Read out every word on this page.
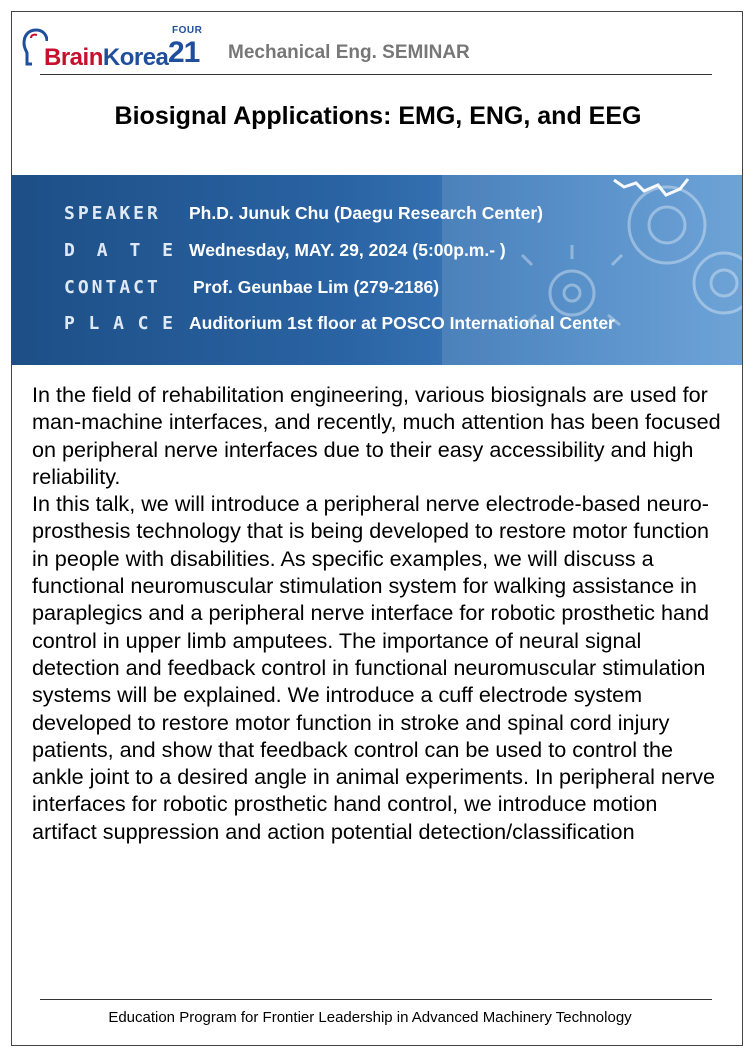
BrainKorea
FOUR
21 Mechanical Eng. SEMINAR
Biosignal Applications: EMG, ENG, and EEG
SPEAKER	Ph.D. Junuk Chu (Daegu Research Center)
D A T E Wednesday, MAY. 29, 2024 (5:00p.m.- )
CONTACT	Prof. Geunbae Lim (279-2186)
P L A C E Auditorium 1st floor at POSCO International Center

In the field of rehabilitation engineering, various biosignals are used for man-machine interfaces, and recently, much attention has been focused on peripheral nerve interfaces due to their easy accessibility and high reliability.

In this talk, we will introduce a peripheral nerve electrode-based neuro-prosthesis technology that is being developed to restore motor function in people with disabilities. As specific examples, we will discuss a functional neuromuscular stimulation system for walking assistance in paraplegics and a peripheral nerve interface for robotic prosthetic hand control in upper limb amputees. The importance of neural signal detection and feedback control in functional neuromuscular stimulation systems will be explained. We introduce a cuff electrode system developed to restore motor function in stroke and spinal cord injury patients, and show that feedback control can be used to control the ankle joint to a desired angle in animal experiments. In peripheral nerve interfaces for robotic prosthetic hand control, we introduce motion artifact suppression and action potential detection/classification

Education Program for Frontier Leadership in Advanced Machinery Technology
